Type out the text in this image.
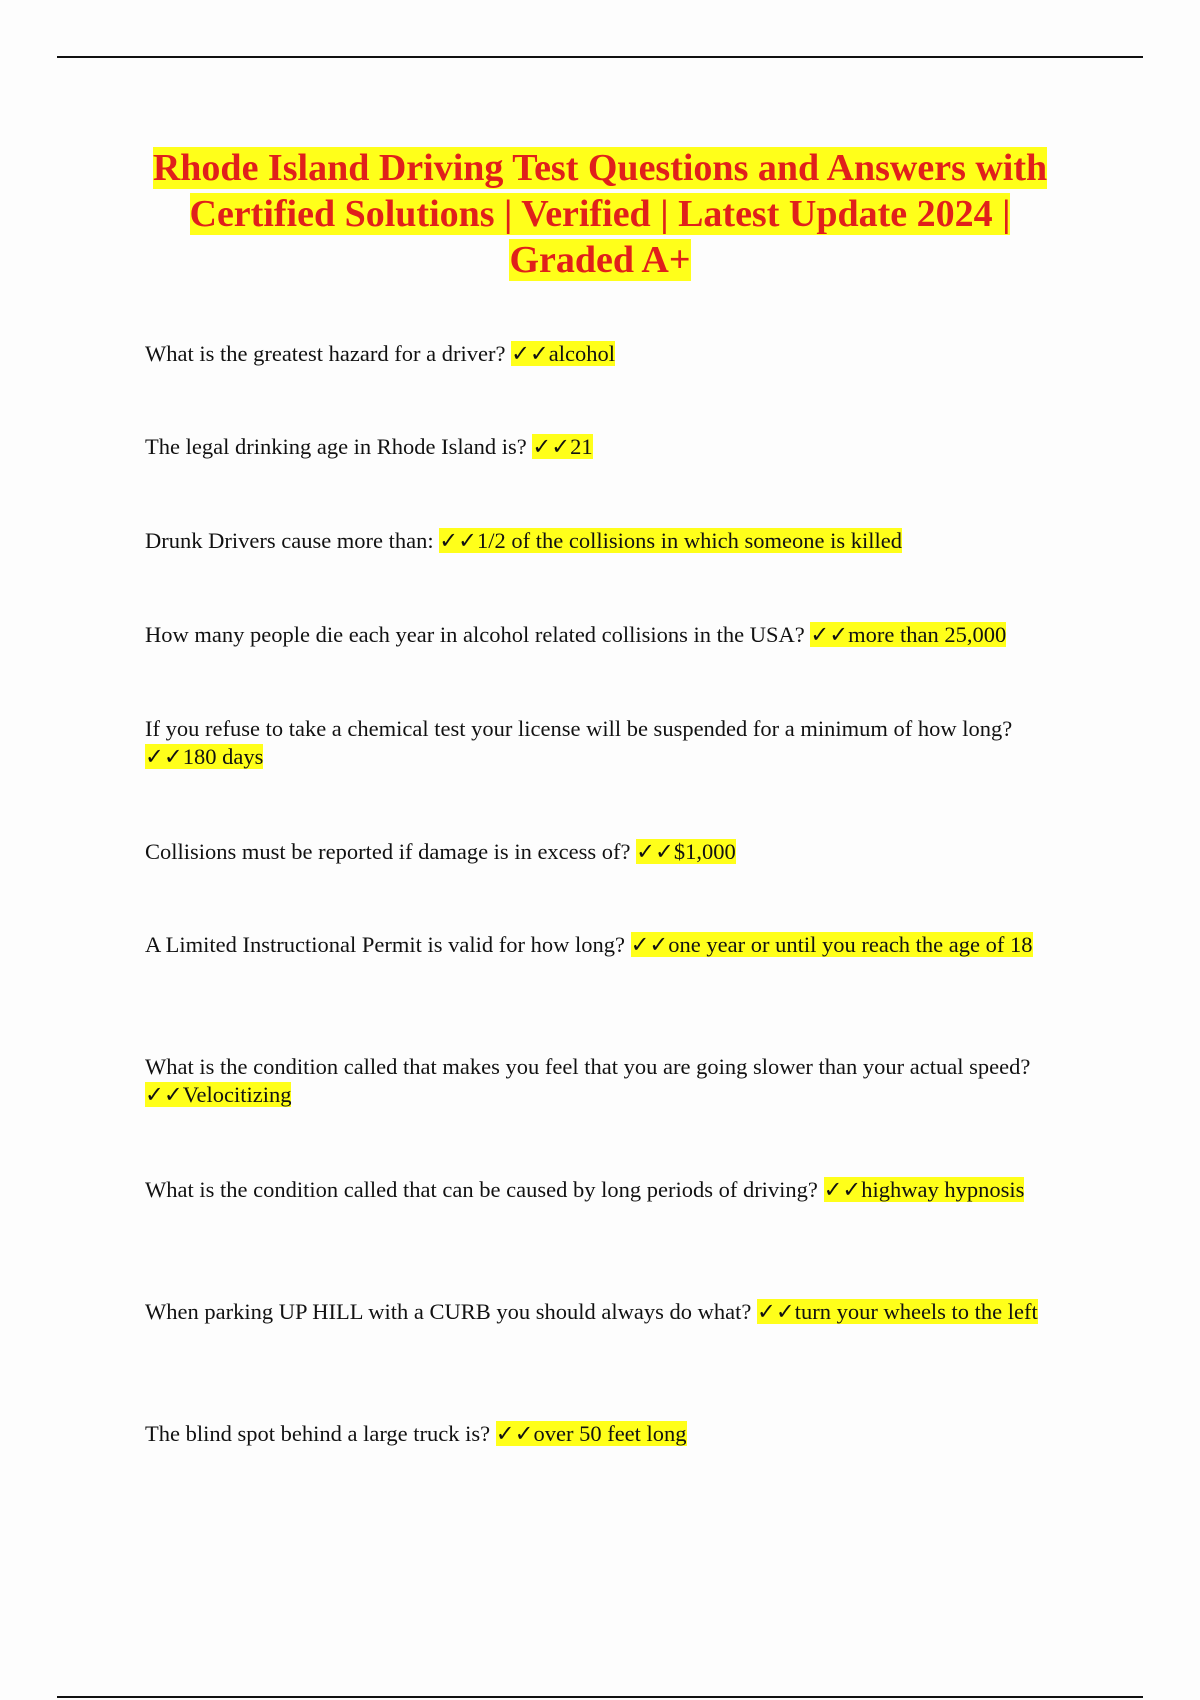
Rhode Island Driving Test Questions and Answers with Certified Solutions | Verified | Latest Update 2024 | Graded A+

What is the greatest hazard for a driver? ✓✓alcohol

The legal drinking age in Rhode Island is? ✓✓21

Drunk Drivers cause more than: ✓✓1/2 of the collisions in which someone is killed

How many people die each year in alcohol related collisions in the USA? ✓✓more than 25,000

If you refuse to take a chemical test your license will be suspended for a minimum of how long? ✓✓180 days

Collisions must be reported if damage is in excess of? ✓✓$1,000

A Limited Instructional Permit is valid for how long? ✓✓one year or until you reach the age of 18

What is the condition called that makes you feel that you are going slower than your actual speed? ✓✓Velocitizing

What is the condition called that can be caused by long periods of driving? ✓✓highway hypnosis

When parking UP HILL with a CURB you should always do what? ✓✓turn your wheels to the left

The blind spot behind a large truck is? ✓✓over 50 feet long
